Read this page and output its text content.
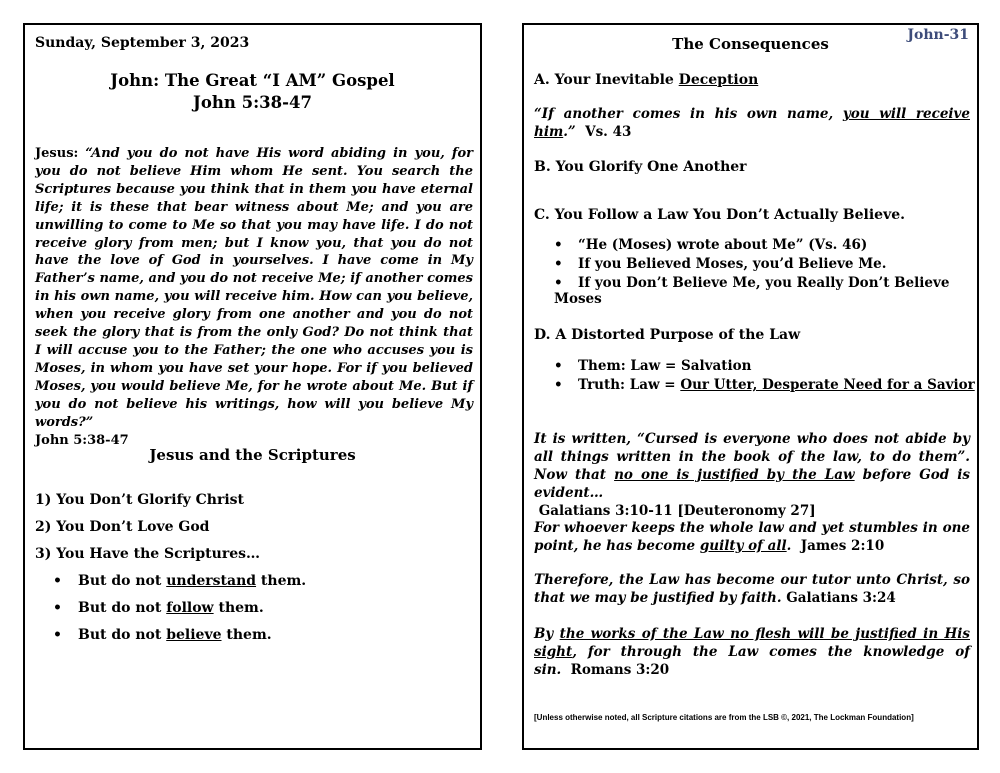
Sunday, September 3, 2023
John: The Great “I AM” Gospel
John 5:38-47
Jesus: “And you do not have His word abiding in you, for you do not believe Him whom He sent. You search the Scriptures because you think that in them you have eternal life; it is these that bear witness about Me; and you are unwilling to come to Me so that you may have life. I do not receive glory from men; but I know you, that you do not have the love of God in yourselves. I have come in My Father’s name, and you do not receive Me; if another comes in his own name, you will receive him. How can you believe, when you receive glory from one another and you do not seek the glory that is from the only God? Do not think that I will accuse you to the Father; the one who accuses you is Moses, in whom you have set your hope. For if you believed Moses, you would believe Me, for he wrote about Me. But if you do not believe his writings, how will you believe My words?”
John 5:38-47
Jesus and the Scriptures
1) You Don’t Glorify Christ
2) You Don’t Love God
3) You Have the Scriptures…
• But do not understand them.
• But do not follow them.
• But do not believe them.
John-31
The Consequences
A. Your Inevitable Deception
“If another comes in his own name, you will receive him.” Vs. 43
B. You Glorify One Another
C. You Follow a Law You Don’t Actually Believe.
• “He (Moses) wrote about Me” (Vs. 46)
• If you Believed Moses, you’d Believe Me.
• If you Don’t Believe Me, you Really Don’t Believe Moses
D. A Distorted Purpose of the Law
• Them: Law = Salvation
• Truth: Law = Our Utter, Desperate Need for a Savior
It is written, “Cursed is everyone who does not abide by all things written in the book of the law, to do them”. Now that no one is justified by the Law before God is evident…
Galatians 3:10-11 [Deuteronomy 27]
For whoever keeps the whole law and yet stumbles in one point, he has become guilty of all. James 2:10
Therefore, the Law has become our tutor unto Christ, so that we may be justified by faith. Galatians 3:24
By the works of the Law no flesh will be justified in His sight, for through the Law comes the knowledge of sin. Romans 3:20
[Unless otherwise noted, all Scripture citations are from the LSB ©, 2021, The Lockman Foundation]
